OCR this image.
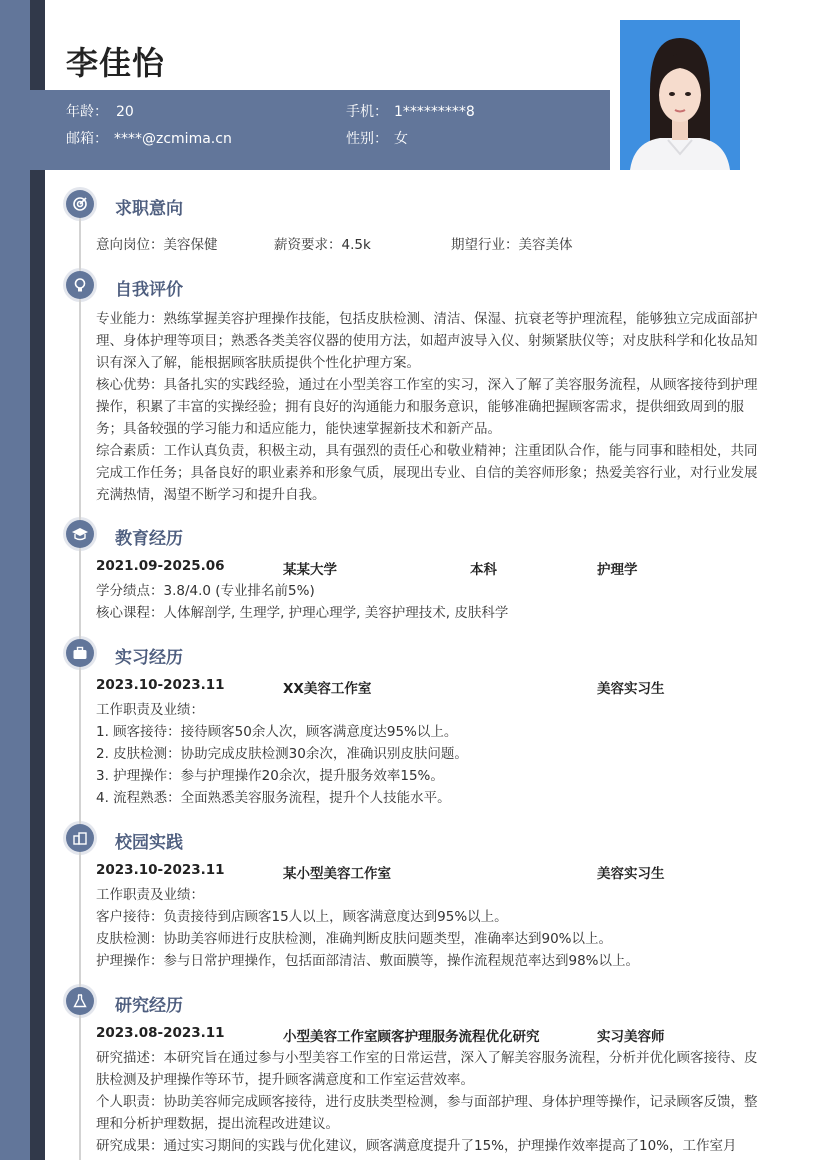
李佳怡
年龄： 20	手机： 1*********8
邮箱： ****@zcmima.cn	性别： 女
求职意向
意向岗位：美容保健	薪资要求：4.5k	期望行业：美容美体
自我评价

专业能力：熟练掌握美容护理操作技能，包括皮肤检测、清洁、保湿、抗衰老等护理流程，能够独立完成面部护理、身体护理等项目；熟悉各类美容仪器的使用方法，如超声波导入仪、射频紧肤仪等；对皮肤科学和化妆品知识有深入了解，能根据顾客肤质提供个性化护理方案。

核心优势：具备扎实的实践经验，通过在小型美容工作室的实习，深入了解了美容服务流程，从顾客接待到护理操作，积累了丰富的实操经验；拥有良好的沟通能力和服务意识，能够准确把握顾客需求，提供细致周到的服务；具备较强的学习能力和适应能力，能快速掌握新技术和新产品。

综合素质：工作认真负责，积极主动，具有强烈的责任心和敬业精神；注重团队合作，能与同事和睦相处，共同完成工作任务；具备良好的职业素养和形象气质，展现出专业、自信的美容师形象；热爱美容行业，对行业发展充满热情，渴望不断学习和提升自我。

教育经历
2021.09-2025.06	某某大学	本科	护理学

学分绩点：3.8/4.0 (专业排名前5%)

核心课程：人体解剖学, 生理学, 护理心理学, 美容护理技术, 皮肤科学

实习经历
2023.10-2023.11	XX美容工作室	美容实习生

工作职责及业绩：

1. 顾客接待：接待顾客50余人次，顾客满意度达95%以上。

2. 皮肤检测：协助完成皮肤检测30余次，准确识别皮肤问题。

3. 护理操作：参与护理操作20余次，提升服务效率15%。

4. 流程熟悉：全面熟悉美容服务流程，提升个人技能水平。

校园实践
2023.10-2023.11	某小型美容工作室	美容实习生

工作职责及业绩：

客户接待：负责接待到店顾客15人以上，顾客满意度达到95%以上。

皮肤检测：协助美容师进行皮肤检测，准确判断皮肤问题类型，准确率达到90%以上。

护理操作：参与日常护理操作，包括面部清洁、敷面膜等，操作流程规范率达到98%以上。

研究经历
2023.08-2023.11	小型美容工作室顾客护理服务流程优化研究	实习美容师

研究描述：本研究旨在通过参与小型美容工作室的日常运营，深入了解美容服务流程，分析并优化顾客接待、皮肤检测及护理操作等环节，提升顾客满意度和工作室运营效率。

个人职责：协助美容师完成顾客接待，进行皮肤类型检测，参与面部护理、身体护理等操作，记录顾客反馈，整理和分析护理数据，提出流程改进建议。

研究成果：通过实习期间的实践与优化建议，顾客满意度提升了15%，护理操作效率提高了10%，工作室月
